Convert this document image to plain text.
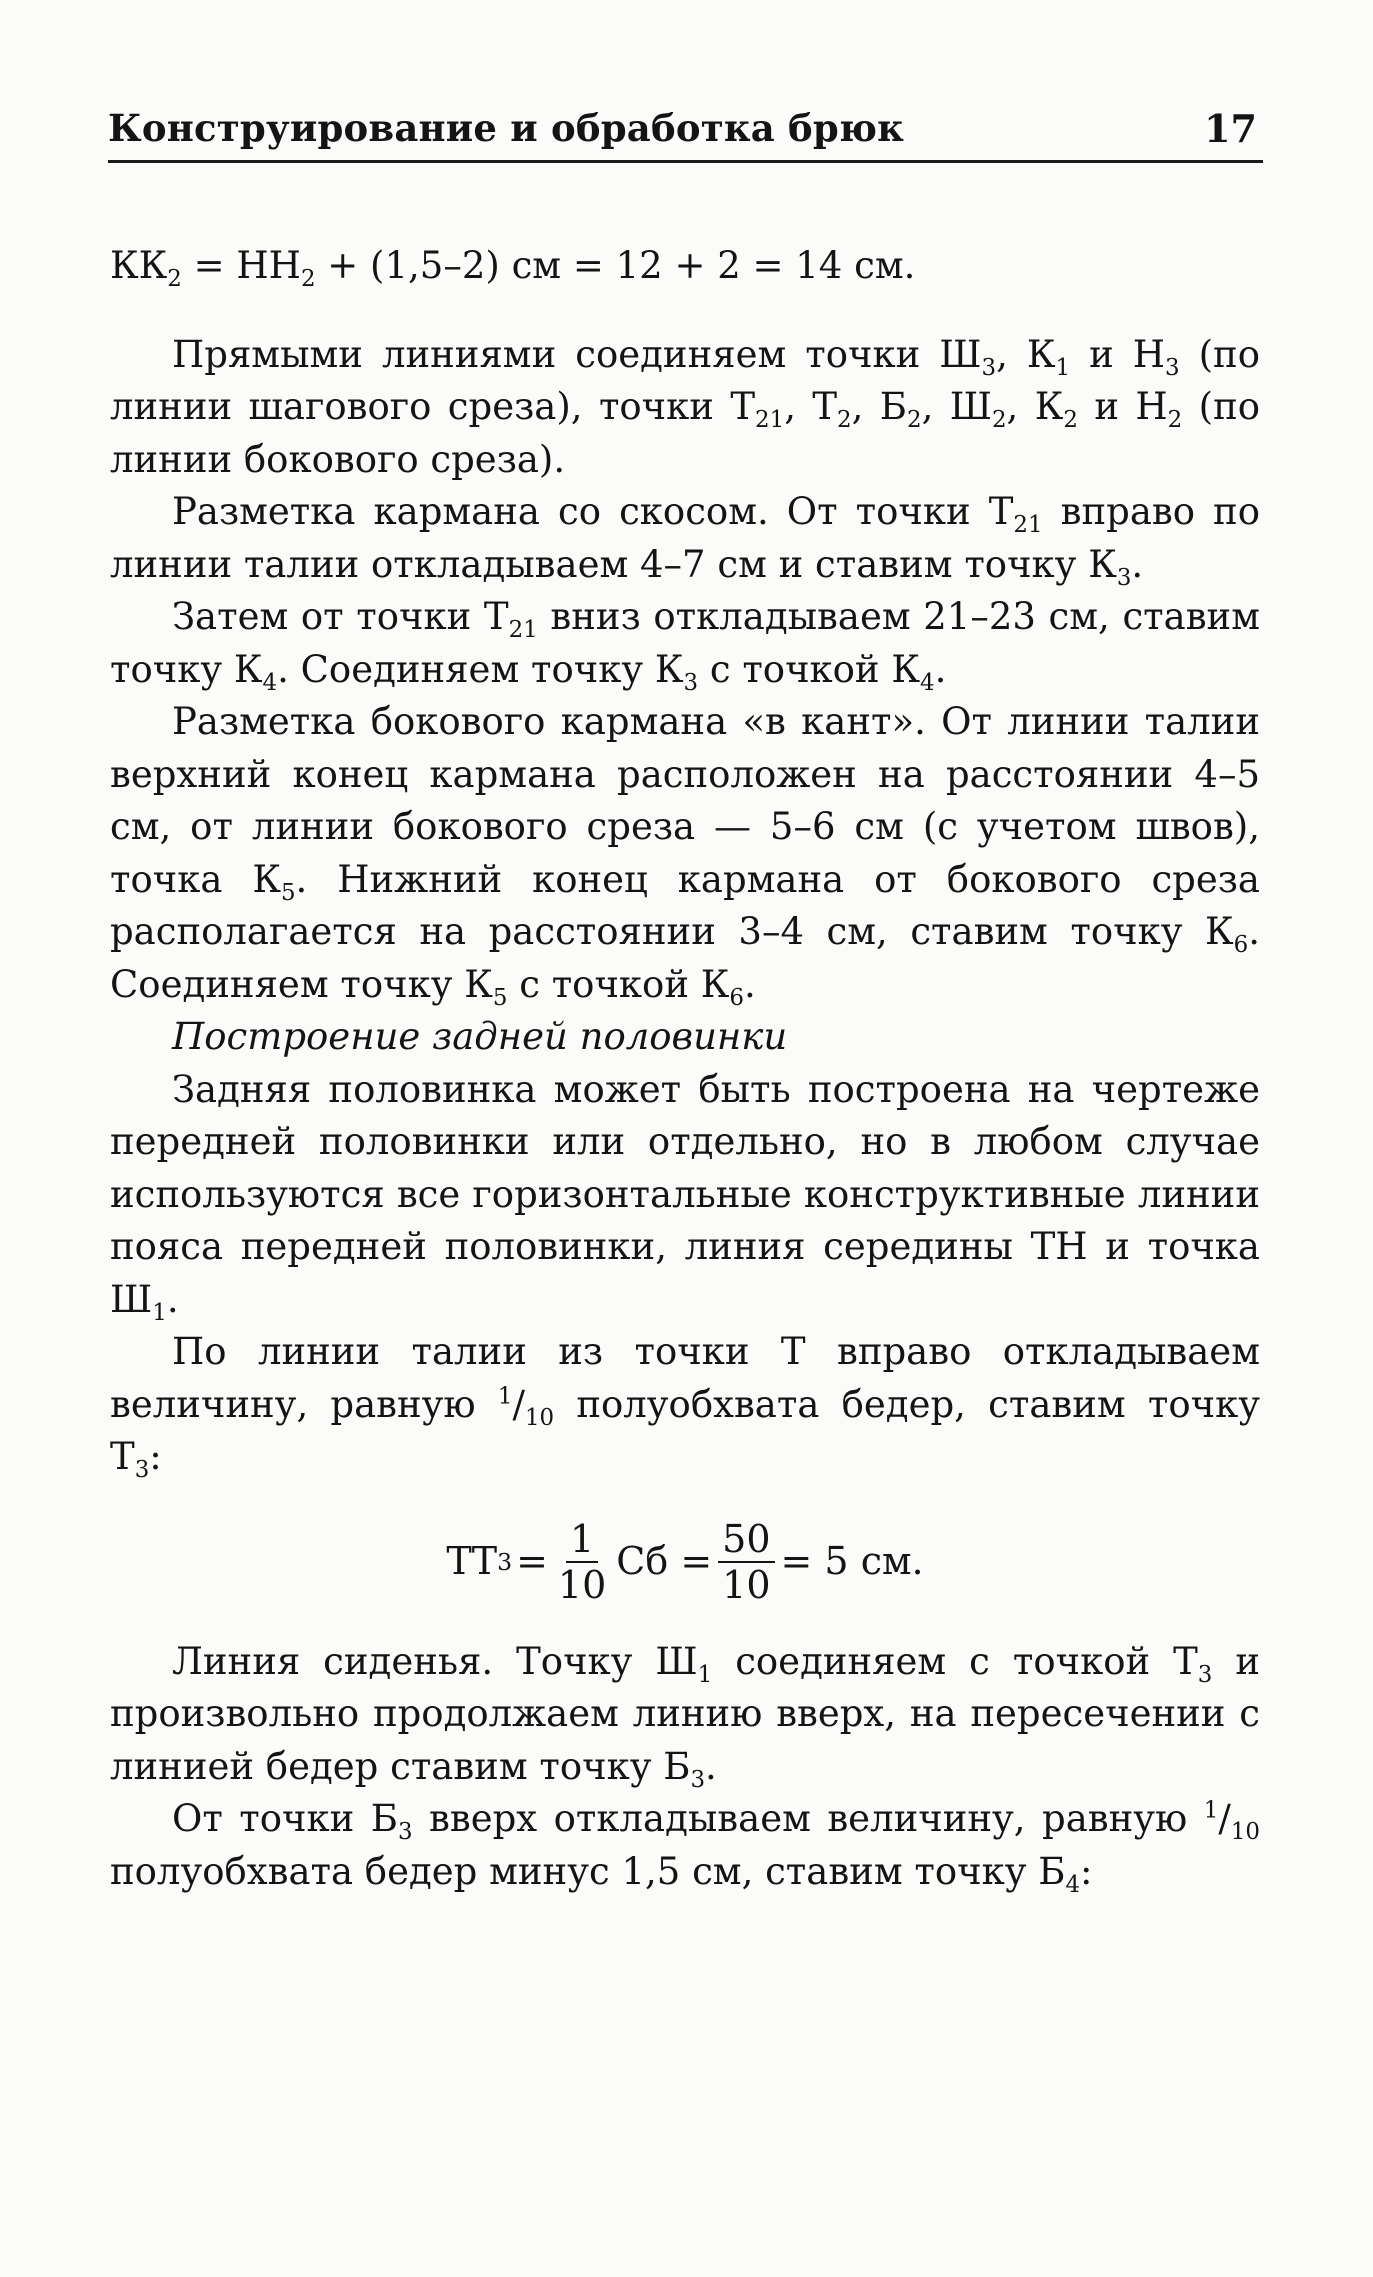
Конструирование и обработка брюк	17

$КК_2 = НН_2 + (1,5-2)$ см = 12 + 2 = 14 см.

Прямыми линиями соединяем точки $Ш_3$, $К_1$ и $Н_3$ (по линии шагового среза), точки $Т_{21}$, $Т_2$, $Б_2$, $Ш_2$, $К_2$ и $Н_2$ (по линии бокового среза).

Разметка кармана со скосом. От точки $Т_{21}$ вправо по линии талии откладываем 4–7 см и ставим точку $К_3$.

Затем от точки $Т_{21}$ вниз откладываем 21–23 см, ставим точку $К_4$. Соединяем точку $К_3$ с точкой $К_4$.

Разметка бокового кармана «в кант». От линии талии верхний конец кармана расположен на расстоянии 4–5 см, от линии бокового среза — 5–6 см (с учетом швов), точка $К_5$. Нижний конец кармана от бокового среза располагается на расстоянии 3–4 см, ставим точку $К_6$. Соединяем точку $К_5$ с точкой $К_6$.

Построение задней половинки

Задняя половинка может быть построена на чертеже передней половинки или отдельно, но в любом случае используются все горизонтальные конструктивные линии пояса передней половинки, линия середины ТН и точка $Ш_1$.

По линии талии из точки Т вправо откладываем величину, равную $^1/_{10}$ полуобхвата бедер, ставим точку $Т_3$:

ТТ $3 = \frac{1}{10}$ Сб = $\frac{50}{10} = 5$ см.

Линия сиденья. Точку $Ш_1$ соединяем с точкой $Т_3$ и произвольно продолжаем линию вверх, на пересечении с линией бедер ставим точку $Б_3$.

От точки $Б_3$ вверх откладываем величину, равную $^1/_{10}$ полуобхвата бедер минус 1,5 см, ставим точку $Б_4$:
